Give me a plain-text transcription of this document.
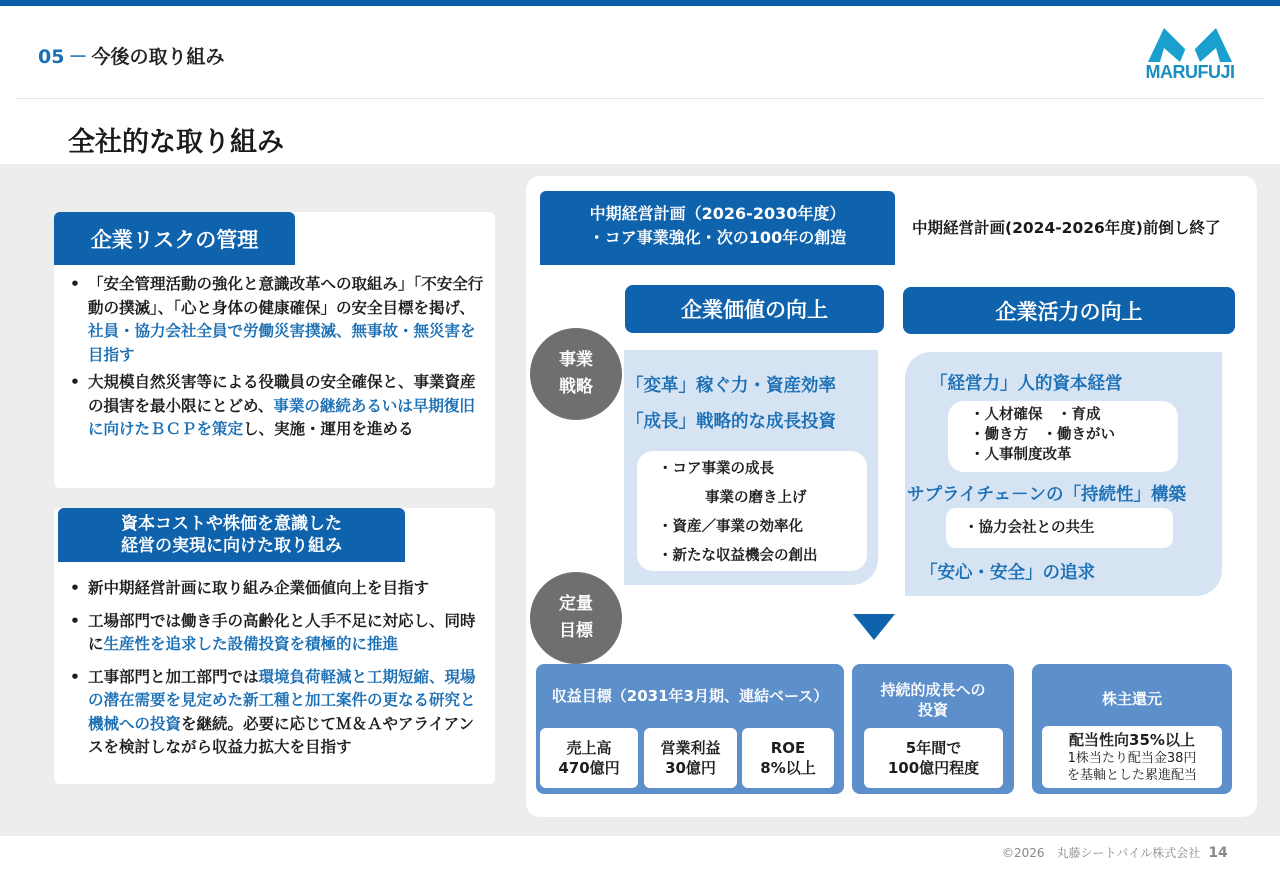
05 － 今後の取り組み
MARUFUJI
全社的な取り組み
企業リスクの管理
• 「安全管理活動の強化と意識改革への取組み」「不安全行動の撲滅」、「心と身体の健康確保」の安全目標を掲げ、社員・協力会社全員で労働災害撲滅、無事故・無災害を目指す
• 大規模自然災害等による役職員の安全確保と、事業資産の損害を最小限にとどめ、事業の継続あるいは早期復旧に向けたＢＣＰを策定し、実施・運用を進める
資本コストや株価を意識した
経営の実現に向けた取り組み
• 新中期経営計画に取り組み企業価値向上を目指す
• 工場部門では働き手の高齢化と人手不足に対応し、同時に生産性を追求した設備投資を積極的に推進
• 工事部門と加工部門では環境負荷軽減と工期短縮、現場の潜在需要を見定めた新工種と加工案件の更なる研究と機械への投資を継続。必要に応じてＭ＆Ａやアライアンスを検討しながら収益力拡大を目指す
中期経営計画（2026-2030年度）
・コア事業強化・次の100年の創造	中期経営計画(2024-2026年度)前倒し終了
企業価値の向上	企業活力の向上
事業
戦略
定量
目標
「変革」稼ぐ力・資産効率
「成長」戦略的な成長投資
・コア事業の成長
事業の磨き上げ
・資産／事業の効率化
・新たな収益機会の創出
「経営力」人的資本経営
・人材確保　・育成
・働き方　・働きがい
・人事制度改革
サプライチェ－ンの「持続性」構築
・協力会社との共生
「安心・安全」の追求
収益目標（2031年3月期、連結ベース）
売上高
470億円
営業利益
30億円
ROE
8%以上
持続的成長への
投資
5年間で
100億円程度
株主還元
配当性向35%以上
1株当たり配当金38円
を基軸とした累進配当
©2026　丸藤シートパイル株式会社 14
